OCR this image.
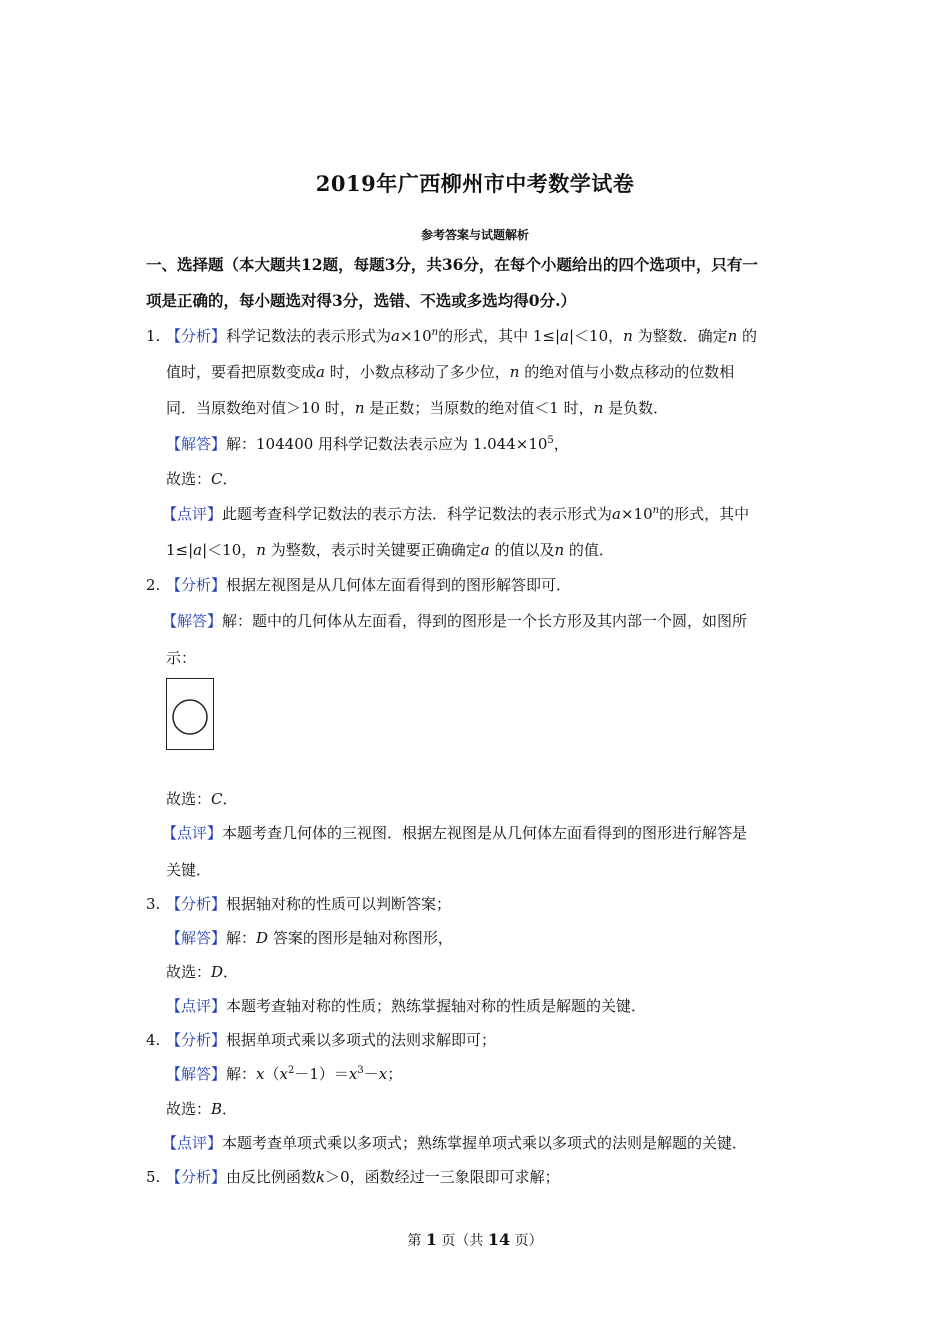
2019年广西柳州市中考数学试卷
参考答案与试题解析
一、选择题（本大题共12题，每题3分，共36分，在每个小题给出的四个选项中，只有一
项是正确的，每小题选对得3分，选错、不选或多选均得0分.）
1. 【分析】科学记数法的表示形式为$a\times 10^n$的形式，其中 1≤|a|＜10，n 为整数．确定n 的
值时，要看把原数变成a 时，小数点移动了多少位，n 的绝对值与小数点移动的位数相
同．当原数绝对值＞10 时，n 是正数；当原数的绝对值＜1 时，n 是负数．
【解答】解：104400 用科学记数法表示应为 $1.044\times 10^5$，
故选：C．
【点评】此题考查科学记数法的表示方法．科学记数法的表示形式为$a\times 10^n$的形式，其中
1≤|a|＜10，n 为整数，表示时关键要正确确定a 的值以及n 的值．
2. 【分析】根据左视图是从几何体左面看得到的图形解答即可．
【解答】解：题中的几何体从左面看，得到的图形是一个长方形及其内部一个圆，如图所
示：
故选：C．
【点评】本题考查几何体的三视图．根据左视图是从几何体左面看得到的图形进行解答是
关键．
3. 【分析】根据轴对称的性质可以判断答案；
【解答】解：D 答案的图形是轴对称图形，
故选：D．
【点评】本题考查轴对称的性质；熟练掌握轴对称的性质是解题的关键．
4. 【分析】根据单项式乘以多项式的法则求解即可；
【解答】解：$x(x^2-1)=x^3-x$；
故选：B．
【点评】本题考查单项式乘以多项式；熟练掌握单项式乘以多项式的法则是解题的关键．
5. 【分析】由反比例函数k＞0，函数经过一三象限即可求解；
第 1 页（共 14 页）
